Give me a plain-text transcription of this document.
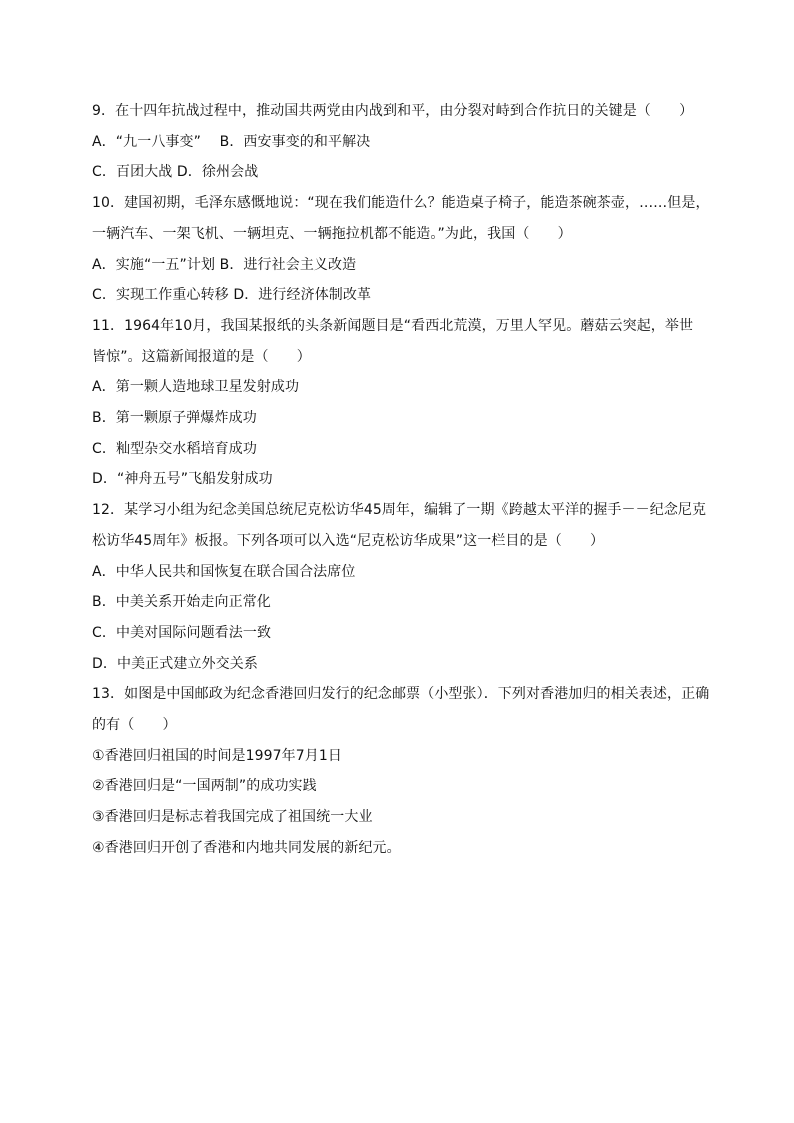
9．在十四年抗战过程中，推动国共两党由内战到和平，由分裂对峙到合作抗日的关键是（　　）
A．“九一八事变”　 B．西安事变的和平解决
C．百团大战 D．徐州会战
10．建国初期，毛泽东感慨地说：“现在我们能造什么？能造桌子椅子，能造茶碗茶壶，……但是，
一辆汽车、一架飞机、一辆坦克、一辆拖拉机都不能造。”为此，我国（　　）
A．实施“一五”计划 B．进行社会主义改造
C．实现工作重心转移 D．进行经济体制改革
11．1964年10月，我国某报纸的头条新闻题目是“看西北荒漠，万里人罕见。蘑菇云突起，举世
皆惊”。这篇新闻报道的是（　　）
A．第一颗人造地球卫星发射成功
B．第一颗原子弹爆炸成功
C．籼型杂交水稻培育成功
D．“神舟五号”飞船发射成功
12．某学习小组为纪念美国总统尼克松访华45周年，编辑了一期《跨越太平洋的握手－－纪念尼克
松访华45周年》板报。下列各项可以入选“尼克松访华成果”这一栏目的是（　　）
A．中华人民共和国恢复在联合国合法席位
B．中美关系开始走向正常化
C．中美对国际问题看法一致
D．中美正式建立外交关系
13．如图是中国邮政为纪念香港回归发行的纪念邮票（小型张）．下列对香港加归的相关表述，正确
的有（　　）
①香港回归祖国的时间是1997年7月1日
②香港回归是“一国两制”的成功实践
③香港回归是标志着我国完成了祖国统一大业
④香港回归开创了香港和内地共同发展的新纪元。
